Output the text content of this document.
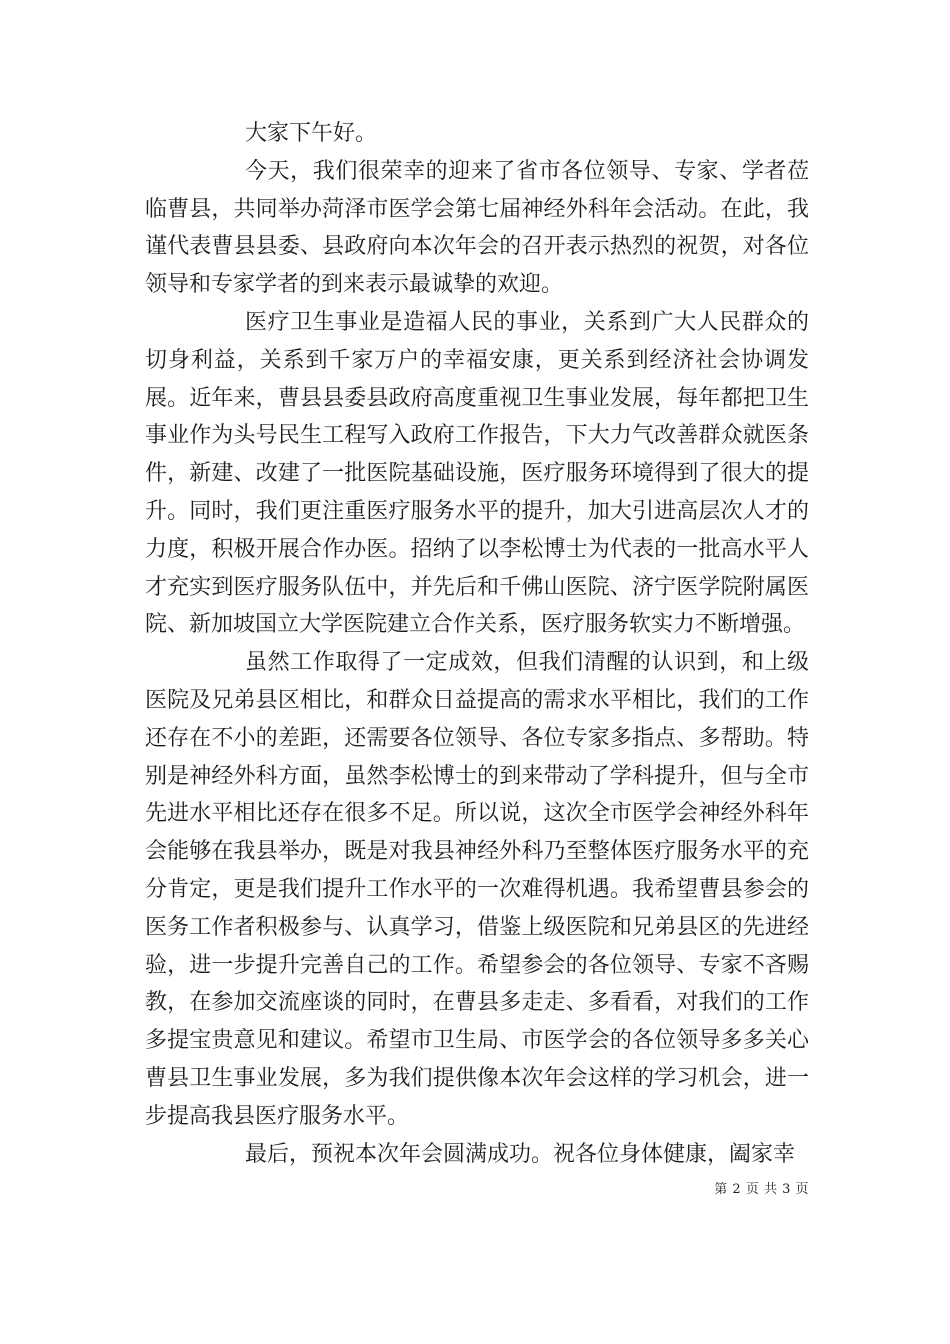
大家下午好。

今天，我们很荣幸的迎来了省市各位领导、专家、学者莅临曹县，共同举办菏泽市医学会第七届神经外科年会活动。在此，我谨代表曹县县委、县政府向本次年会的召开表示热烈的祝贺，对各位领导和专家学者的到来表示最诚挚的欢迎。

医疗卫生事业是造福人民的事业，关系到广大人民群众的切身利益，关系到千家万户的幸福安康，更关系到经济社会协调发展。近年来，曹县县委县政府高度重视卫生事业发展，每年都把卫生事业作为头号民生工程写入政府工作报告，下大力气改善群众就医条件，新建、改建了一批医院基础设施，医疗服务环境得到了很大的提升。同时，我们更注重医疗服务水平的提升，加大引进高层次人才的力度，积极开展合作办医。招纳了以李松博士为代表的一批高水平人才充实到医疗服务队伍中，并先后和千佛山医院、济宁医学院附属医院、新加坡国立大学医院建立合作关系，医疗服务软实力不断增强。

虽然工作取得了一定成效，但我们清醒的认识到，和上级医院及兄弟县区相比，和群众日益提高的需求水平相比，我们的工作还存在不小的差距，还需要各位领导、各位专家多指点、多帮助。特别是神经外科方面，虽然李松博士的到来带动了学科提升，但与全市先进水平相比还存在很多不足。所以说，这次全市医学会神经外科年会能够在我县举办，既是对我县神经外科乃至整体医疗服务水平的充分肯定，更是我们提升工作水平的一次难得机遇。我希望曹县参会的医务工作者积极参与、认真学习，借鉴上级医院和兄弟县区的先进经验，进一步提升完善自己的工作。希望参会的各位领导、专家不吝赐教，在参加交流座谈的同时，在曹县多走走、多看看，对我们的工作多提宝贵意见和建议。希望市卫生局、市医学会的各位领导多多关心曹县卫生事业发展，多为我们提供像本次年会这样的学习机会，进一步提高我县医疗服务水平。

最后，预祝本次年会圆满成功。祝各位身体健康，阖家幸

第 2 页 共 3 页
